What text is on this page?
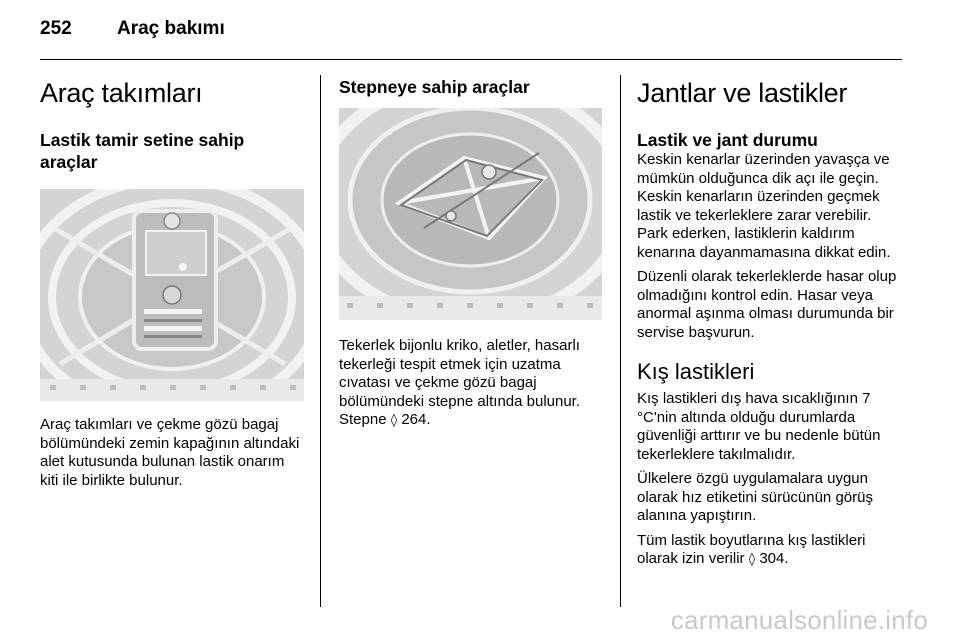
252 Araç bakımı
Araç takımları
Lastik tamir setine sahip araçlar

Araç takımları ve çekme gözü bagaj bölümündeki zemin kapağının altındaki alet kutusunda bulunan lastik onarım kiti ile birlikte bulunur.

Stepneye sahip araçlar

Tekerlek bijonlu kriko, aletler, hasarlı tekerleği tespit etmek için uzatma cıvatası ve çekme gözü bagaj bölümündeki stepne altında bulunur. Stepne ◊ 264.

Jantlar ve lastikler
Lastik ve jant durumu

Keskin kenarlar üzerinden yavaşça ve mümkün olduğunca dik açı ile geçin. Keskin kenarların üzerinden geçmek lastik ve tekerleklere zarar verebilir. Park ederken, lastiklerin kaldırım kenarına dayanmamasına dikkat edin.

Düzenli olarak tekerleklerde hasar olup olmadığını kontrol edin. Hasar veya anormal aşınma olması durumunda bir servise başvurun.

Kış lastikleri

Kış lastikleri dış hava sıcaklığının 7 °C'nin altında olduğu durumlarda güvenliği arttırır ve bu nedenle bütün tekerleklere takılmalıdır.

Ülkelere özgü uygulamalara uygun olarak hız etiketini sürücünün görüş alanına yapıştırın.

Tüm lastik boyutlarına kış lastikleri olarak izin verilir ◊ 304.

carmanualsonline.info
